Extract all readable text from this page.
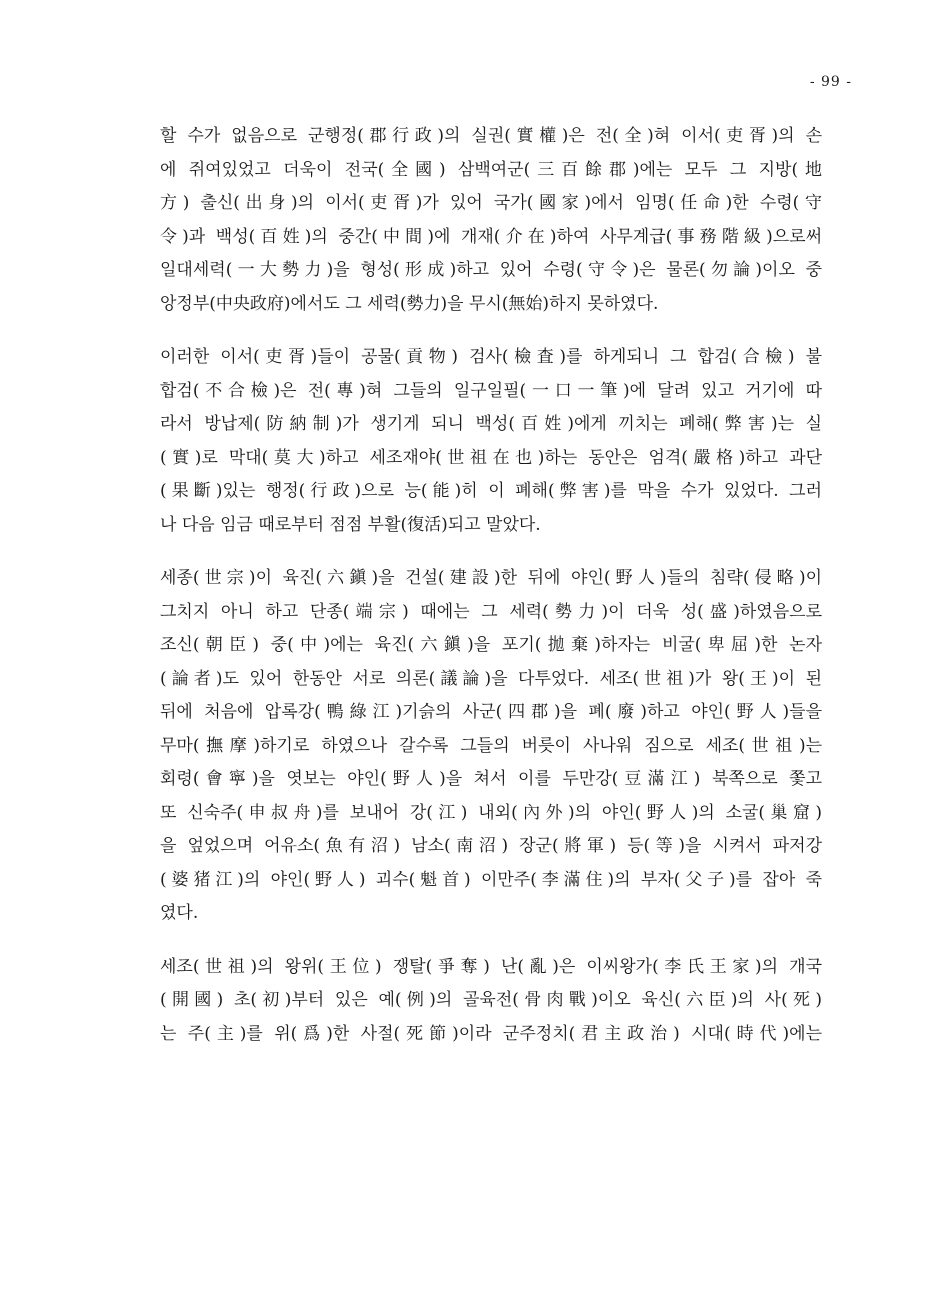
- 99 -
할 수가 없음으로 군행정(郡行政)의 실권(實權)은 전(全)혀 이서(吏胥)의 손
에 쥐여있었고 더욱이 전국(全國) 삼백여군(三百餘郡)에는 모두 그 지방(地
方) 출신(出身)의 이서(吏胥)가 있어 국가(國家)에서 임명(任命)한 수령(守
令)과 백성(百姓)의 중간(中間)에 개재(介在)하여 사무계급(事務階級)으로써
일대세력(一大勢力)을 형성(形成)하고 있어 수령(守令)은 물론(勿論)이오 중
앙정부(中央政府)에서도 그 세력(勢力)을 무시(無始)하지 못하였다.
이러한 이서(吏胥)들이 공물(貢物) 검사(檢査)를 하게되니 그 합검(合檢) 불
합검(不合檢)은 전(專)혀 그들의 일구일필(一口一筆)에 달려 있고 거기에 따
라서 방납제(防納制)가 생기게 되니 백성(百姓)에게 끼치는 폐해(弊害)는 실
(實)로 막대(莫大)하고 세조재야(世祖在也)하는 동안은 엄격(嚴格)하고 과단
(果斷)있는 행정(行政)으로 능(能)히 이 폐해(弊害)를 막을 수가 있었다. 그러
나 다음 임금 때로부터 점점 부활(復活)되고 말았다.
세종(世宗)이 육진(六鎭)을 건설(建設)한 뒤에 야인(野人)들의 침략(侵略)이
그치지 아니 하고 단종(端宗) 때에는 그 세력(勢力)이 더욱 성(盛)하였음으로
조신(朝臣) 중(中)에는 육진(六鎭)을 포기(拋棄)하자는 비굴(卑屈)한 논자
(論者)도 있어 한동안 서로 의론(議論)을 다투었다. 세조(世祖)가 왕(王)이 된
뒤에 처음에 압록강(鴨綠江)기슭의 사군(四郡)을 폐(廢)하고 야인(野人)들을
무마(撫摩)하기로 하였으나 갈수록 그들의 버릇이 사나워 짐으로 세조(世祖)는
회령(會寧)을 엿보는 야인(野人)을 쳐서 이를 두만강(豆滿江) 북쪽으로 쫓고
또 신숙주(申叔舟)를 보내어 강(江) 내외(內外)의 야인(野人)의 소굴(巢窟)
을 엎었으며 어유소(魚有沼) 남소(南沼) 장군(將軍) 등(等)을 시켜서 파저강
(婆猪江)의 야인(野人) 괴수(魁首) 이만주(李滿住)의 부자(父子)를 잡아 죽
였다.
세조(世祖)의 왕위(王位) 쟁탈(爭奪) 난(亂)은 이씨왕가(李氏王家)의 개국
(開國) 초(初)부터 있은 예(例)의 골육전(骨肉戰)이오 육신(六臣)의 사(死)
는 주(主)를 위(爲)한 사절(死節)이라 군주정치(君主政治) 시대(時代)에는
